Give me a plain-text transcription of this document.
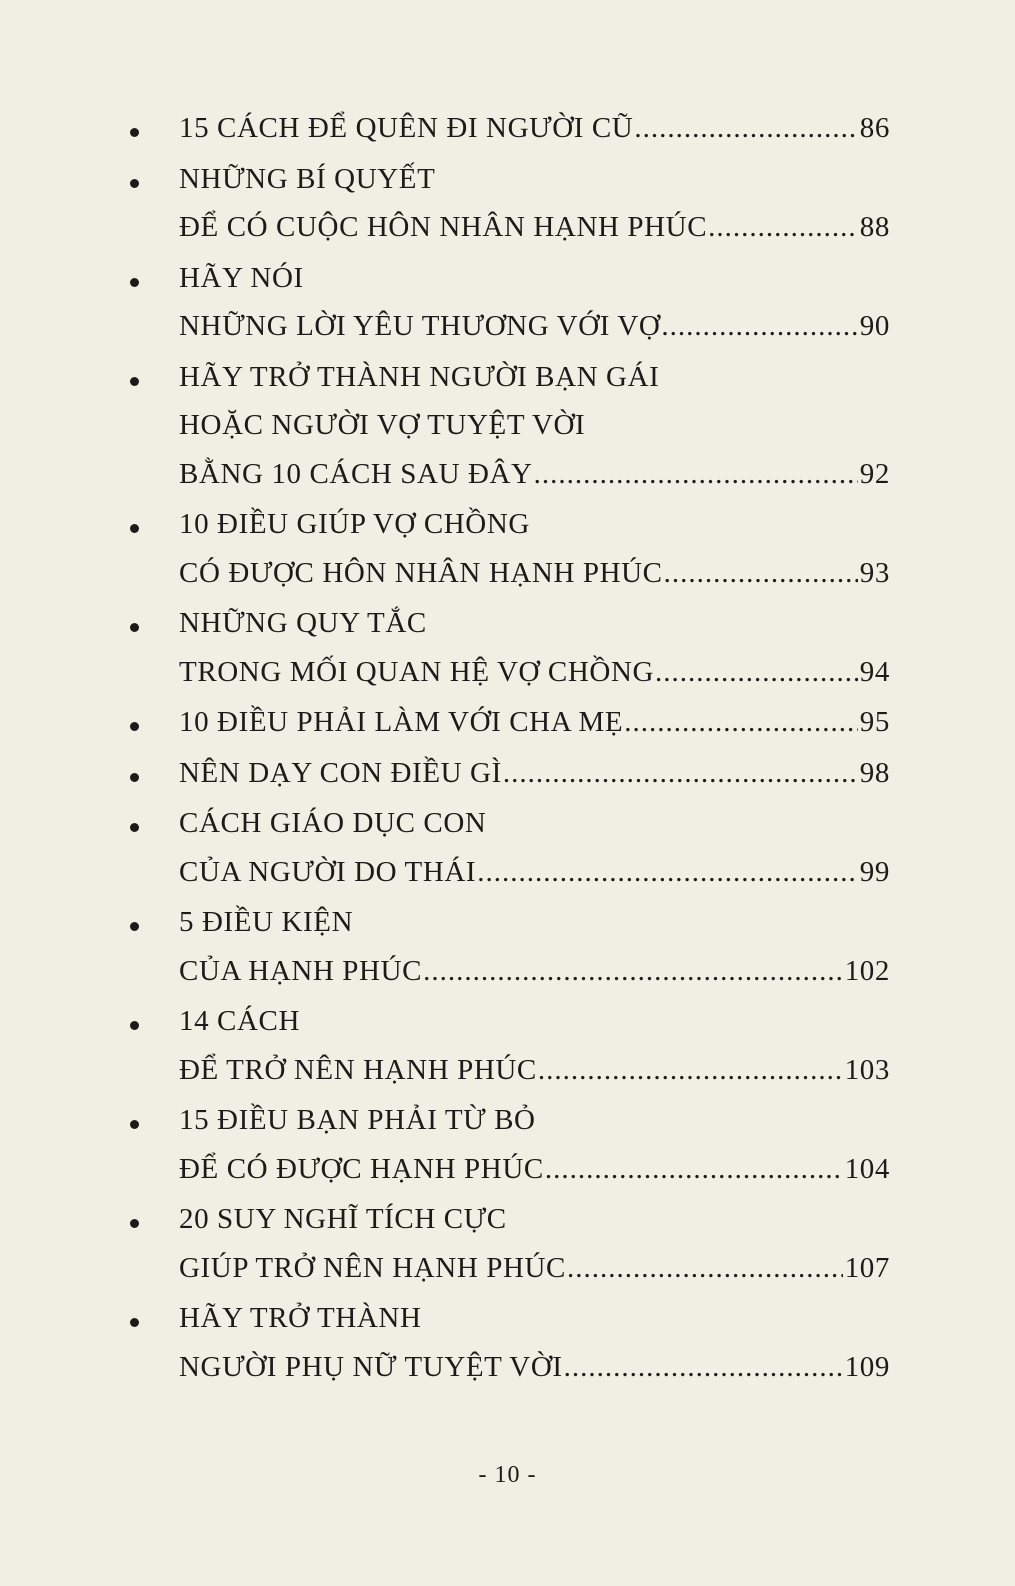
15 CÁCH ĐỂ QUÊN ĐI NGƯỜI CŨ .....	86
NHỮNG BÍ QUYẾT
ĐỂ CÓ CUỘC HÔN NHÂN HẠNH PHÚC .....	88
HÃY NÓI
NHỮNG LỜI YÊU THƯƠNG VỚI VỢ .....	90
HÃY TRỞ THÀNH NGƯỜI BẠN GÁI
HOẶC NGƯỜI VỢ TUYỆT VỜI
BẰNG 10 CÁCH SAU ĐÂY .....	92
10 ĐIỀU GIÚP VỢ CHỒNG
CÓ ĐƯỢC HÔN NHÂN HẠNH PHÚC .....	93
NHỮNG QUY TẮC
TRONG MỐI QUAN HỆ VỢ CHỒNG .....	94
10 ĐIỀU PHẢI LÀM VỚI CHA MẸ .....	95
NÊN DẠY CON ĐIỀU GÌ .....	98
CÁCH GIÁO DỤC CON
CỦA NGƯỜI DO THÁI .....	99
5 ĐIỀU KIỆN
CỦA HẠNH PHÚC .....	102
14 CÁCH
ĐỂ TRỞ NÊN HẠNH PHÚC .....	103
15 ĐIỀU BẠN PHẢI TỪ BỎ
ĐỂ CÓ ĐƯỢC HẠNH PHÚC .....	104
20 SUY NGHĨ TÍCH CỰC
GIÚP TRỞ NÊN HẠNH PHÚC .....	107
HÃY TRỞ THÀNH
NGƯỜI PHỤ NỮ TUYỆT VỜI .....	109
- 10 -
